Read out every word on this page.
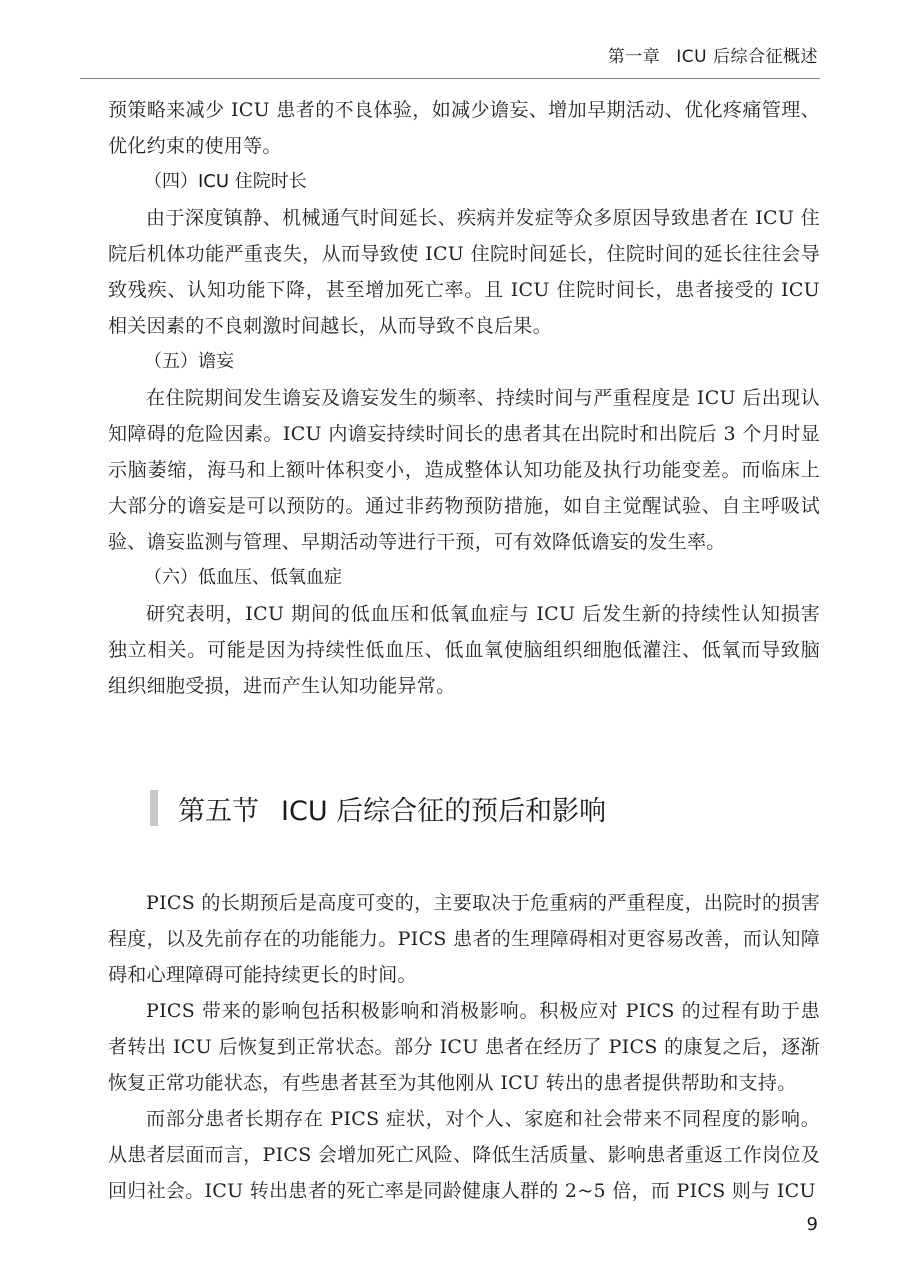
第一章 ICU 后综合征概述

预策略来减少 ICU 患者的不良体验，如减少谵妄、增加早期活动、优化疼痛管理、优化约束的使用等。

（四）ICU 住院时长

由于深度镇静、机械通气时间延长、疾病并发症等众多原因导致患者在 ICU 住院后机体功能严重丧失，从而导致使 ICU 住院时间延长，住院时间的延长往往会导致残疾、认知功能下降，甚至增加死亡率。且 ICU 住院时间长，患者接受的 ICU 相关因素的不良刺激时间越长，从而导致不良后果。

（五）谵妄

在住院期间发生谵妄及谵妄发生的频率、持续时间与严重程度是 ICU 后出现认知障碍的危险因素。ICU 内谵妄持续时间长的患者其在出院时和出院后 3 个月时显示脑萎缩，海马和上额叶体积变小，造成整体认知功能及执行功能变差。而临床上大部分的谵妄是可以预防的。通过非药物预防措施，如自主觉醒试验、自主呼吸试验、谵妄监测与管理、早期活动等进行干预，可有效降低谵妄的发生率。

（六）低血压、低氧血症

研究表明，ICU 期间的低血压和低氧血症与 ICU 后发生新的持续性认知损害独立相关。可能是因为持续性低血压、低血氧使脑组织细胞低灌注、低氧而导致脑组织细胞受损，进而产生认知功能异常。

第五节 ICU 后综合征的预后和影响

PICS 的长期预后是高度可变的，主要取决于危重病的严重程度，出院时的损害程度，以及先前存在的功能能力。PICS 患者的生理障碍相对更容易改善，而认知障碍和心理障碍可能持续更长的时间。

PICS 带来的影响包括积极影响和消极影响。积极应对 PICS 的过程有助于患者转出 ICU 后恢复到正常状态。部分 ICU 患者在经历了 PICS 的康复之后，逐渐恢复正常功能状态，有些患者甚至为其他刚从 ICU 转出的患者提供帮助和支持。

而部分患者长期存在 PICS 症状，对个人、家庭和社会带来不同程度的影响。从患者层面而言，PICS 会增加死亡风险、降低生活质量、影响患者重返工作岗位及回归社会。ICU 转出患者的死亡率是同龄健康人群的 2~5 倍，而 PICS 则与 ICU

9
